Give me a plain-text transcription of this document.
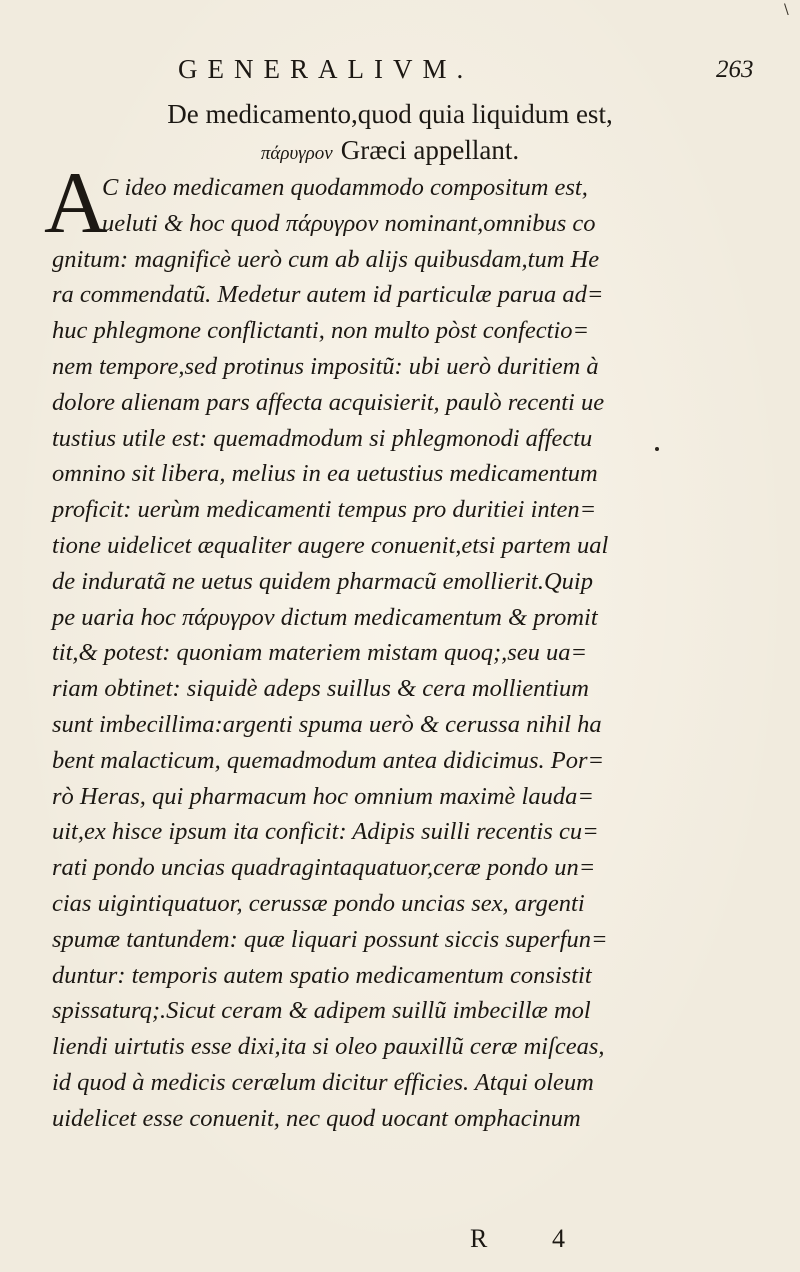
\
GENERALIVM.	263
De medicamento,quod quia liquidum est,
πάρυγρον Græci appellant.
A
C ideo medicamen quodammodo compositum est,
ueluti & hoc quod πάρυγρον nominant,omnibus co
gnitum: magnificè uerò cum ab alijs quibusdam,tum He
ra commendatũ. Medetur autem id particulæ parua ad=
huc phlegmone conflictanti, non multo pòst confectio=
nem tempore,sed protinus impositũ: ubi uerò duritiem à
dolore alienam pars affecta acquisierit, paulò recenti ue
tustius utile est: quemadmodum si phlegmonodi affectu
omnino sit libera, melius in ea uetustius medicamentum
proficit: uerùm medicamenti tempus pro duritiei inten=
tione uidelicet æqualiter augere conuenit,etsi partem ual
de induratã ne uetus quidem pharmacũ emollierit.Quip
pe uaria hoc πάρυγρον dictum medicamentum & promit
tit,& potest: quoniam materiem mistam quoq;,seu ua=
riam obtinet: siquidè adeps suillus & cera mollientium
sunt imbecillima:argenti spuma uerò & cerussa nihil ha
bent malacticum, quemadmodum antea didicimus. Por=
rò Heras, qui pharmacum hoc omnium maximè lauda=
uit,ex hisce ipsum ita conficit: Adipis suilli recentis cu=
rati pondo uncias quadragintaquatuor,ceræ pondo un=
cias uigintiquatuor, cerussæ pondo uncias sex, argenti
spumæ tantundem: quæ liquari possunt siccis superfun=
duntur: temporis autem spatio medicamentum consistit
spissaturq;.Sicut ceram & adipem suillũ imbecillæ mol
liendi uirtutis esse dixi,ita si oleo pauxillũ ceræ miſceas,
id quod à medicis cerælum dicitur efficies. Atqui oleum
uidelicet esse conuenit, nec quod uocant omphacinum
R 4
